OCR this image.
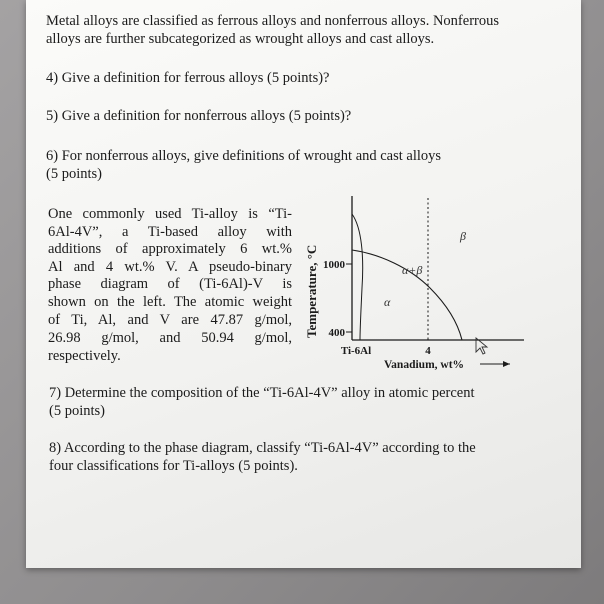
Metal alloys are classified as ferrous alloys and nonferrous alloys. Nonferrous

alloys are further subcategorized as wrought alloys and cast alloys.

4) Give a definition for ferrous alloys (5 points)?

5) Give a definition for nonferrous alloys (5 points)?

6) For nonferrous alloys, give definitions of wrought and cast alloys

(5 points)

One commonly used Ti-alloy is “Ti-

6Al-4V”, a Ti-based alloy with

additions of approximately 6 wt.%

Al and 4 wt.% V. A pseudo-binary

phase diagram of (Ti-6Al)-V is

shown on the left. The atomic weight

of Ti, Al, and V are 47.87 g/mol,

26.98 g/mol, and 50.94 g/mol,

respectively.

Temperature, °C 1000
400
Ti-6Al	4
Vanadium, wt%
β
α+β
α

7) Determine the composition of the “Ti-6Al-4V” alloy in atomic percent

(5 points)

8) According to the phase diagram, classify “Ti-6Al-4V” according to the

four classifications for Ti-alloys (5 points).
